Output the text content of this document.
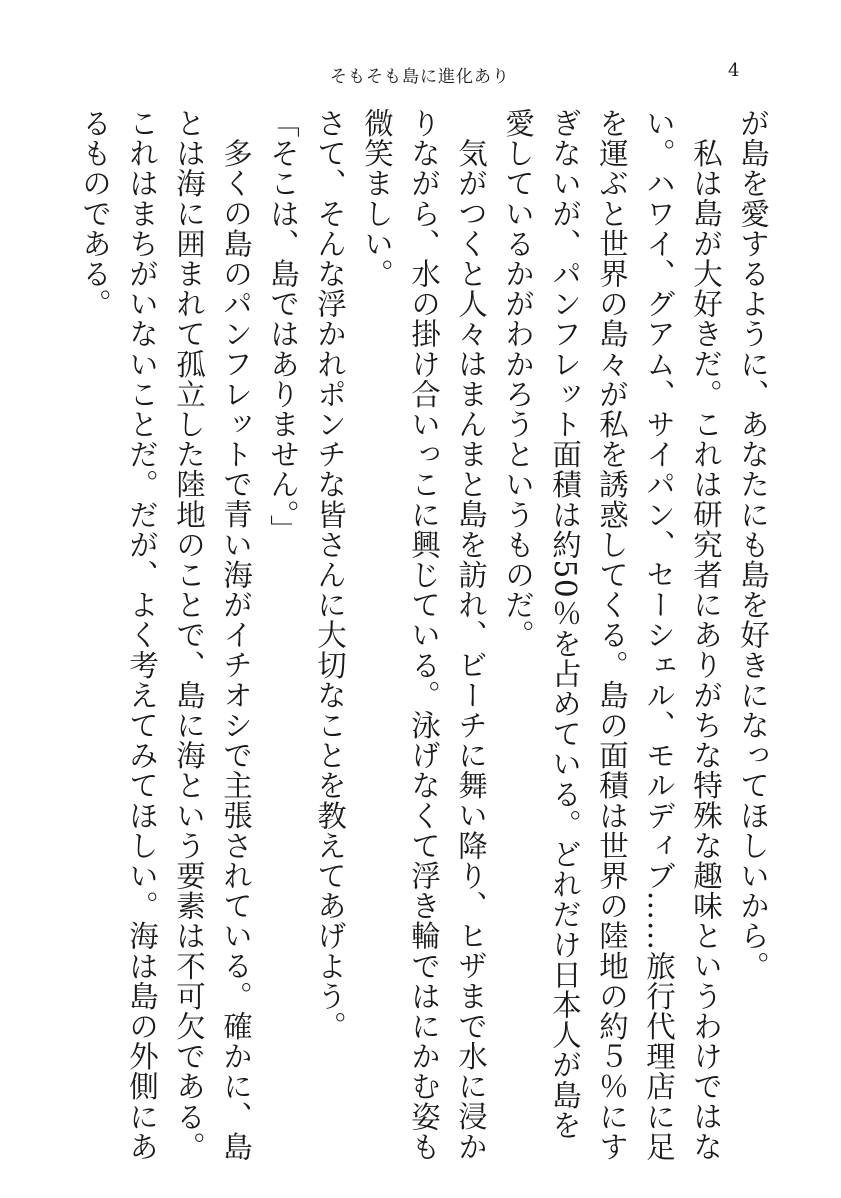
そもそも島に進化あり	4

が島を愛するように、あなたにも島を好きになってほしいから。

私は島が大好きだ。これは研究者にありがちな特殊な趣味というわけではない。ハワイ、グアム、サイパン、セーシェル、モルディブ……旅行代理店に足を運ぶと世界の島々が私を誘惑してくる。島の面積は世界の陸地の約５％にすぎないが、パンフレット面積は約50％を占めている。どれだけ日本人が島を愛しているかがわかろうというものだ。

気がつくと人々はまんまと島を訪れ、ビーチに舞い降り、ヒザまで水に浸かりながら、水の掛け合いっこに興じている。泳げなくて浮き輪ではにかむ姿も微笑ましい。

さて、そんな浮かれポンチな皆さんに大切なことを教えてあげよう。

「そこは、島ではありません。」

多くの島のパンフレットで青い海がイチオシで主張されている。確かに、島とは海に囲まれて孤立した陸地のことで、島に海という要素は不可欠である。これはまちがいないことだ。だが、よく考えてみてほしい。海は島の外側にあるものである。
